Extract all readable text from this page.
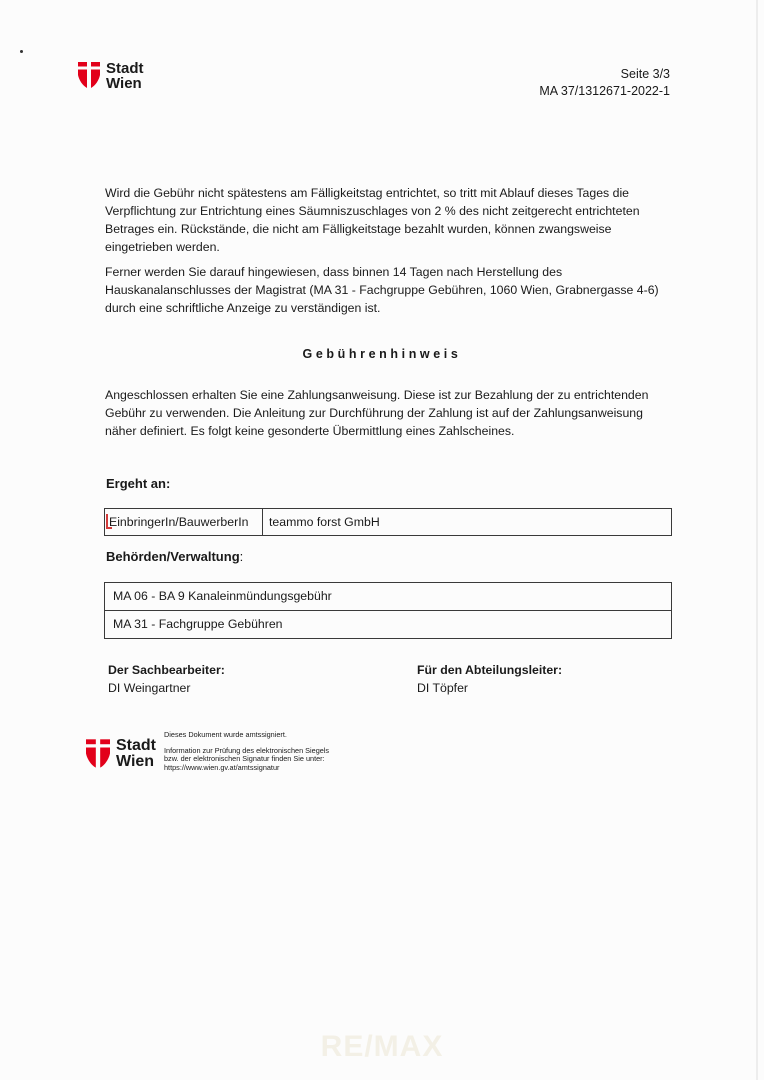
Stadt
Wien
Seite 3/3
MA 37/1312671-2022-1

Wird die Gebühr nicht spätestens am Fälligkeitstag entrichtet, so tritt mit Ablauf dieses Tages die Verpflichtung zur Entrichtung eines Säumniszuschlages von 2 % des nicht zeitgerecht entrichteten Betrages ein. Rückstände, die nicht am Fälligkeitstage bezahlt wurden, können zwangsweise eingetrieben werden.

Ferner werden Sie darauf hingewiesen, dass binnen 14 Tagen nach Herstellung des Hauskanalanschlusses der Magistrat (MA 31 - Fachgruppe Gebühren, 1060 Wien, Grabnergasse 4-6) durch eine schriftliche Anzeige zu verständigen ist.

Gebührenhinweis

Angeschlossen erhalten Sie eine Zahlungsanweisung. Diese ist zur Bezahlung der zu entrichtenden Gebühr zu verwenden. Die Anleitung zur Durchführung der Zahlung ist auf der Zahlungsanweisung näher definiert. Es folgt keine gesonderte Übermittlung eines Zahlscheines.

Ergeht an:
EinbringerIn/BauwerberIn	teammo forst GmbH
Behörden/Verwaltung:
MA 06 - BA 9 Kanaleinmündungsgebühr
MA 31 - Fachgruppe Gebühren
Der Sachbearbeiter:
DI Weingartner
Für den Abteilungsleiter:
DI Töpfer
Stadt
Wien
Dieses Dokument wurde amtssigniert.
Information zur Prüfung des elektronischen Siegels
bzw. der elektronischen Signatur finden Sie unter:
https://www.wien.gv.at/amtssignatur
RE/MAX
